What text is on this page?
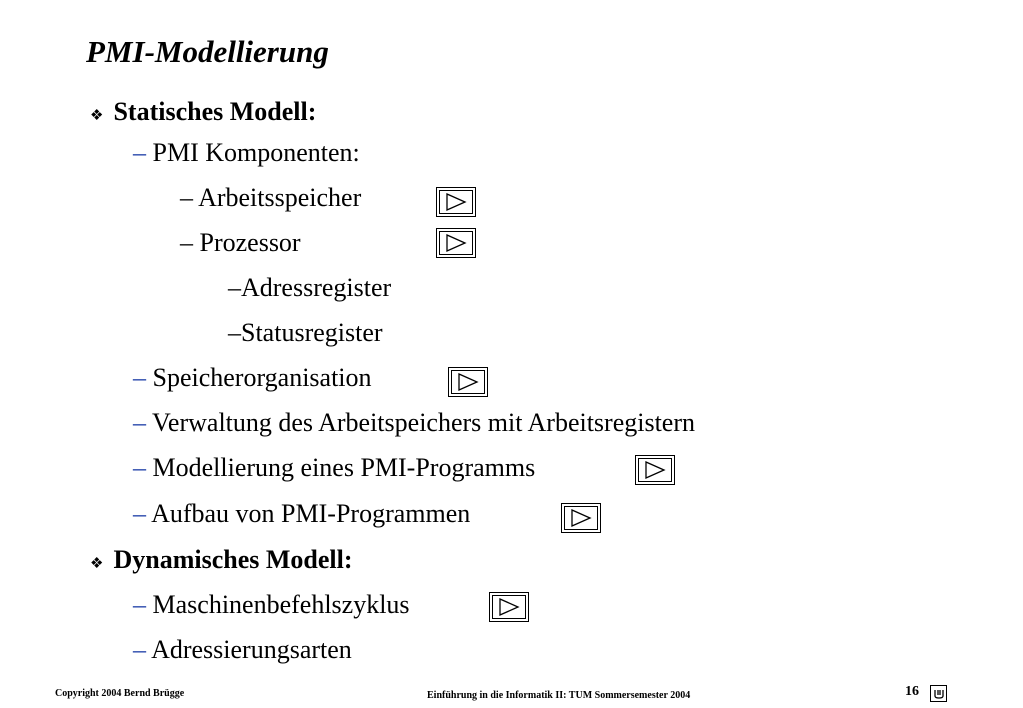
PMI-Modellierung
❖ Statisches Modell:
– PMI Komponenten:
– Arbeitsspeicher
– Prozessor
–Adressregister
–Statusregister
– Speicherorganisation
– Verwaltung des Arbeitspeichers mit Arbeitsregistern
– Modellierung eines PMI-Programms
– Aufbau von PMI-Programmen
❖ Dynamisches Modell:
– Maschinenbefehlszyklus
– Adressierungsarten
Copyright 2004 Bernd Brügge	Einführung in die Informatik II: TUM Sommersemester 2004	16
